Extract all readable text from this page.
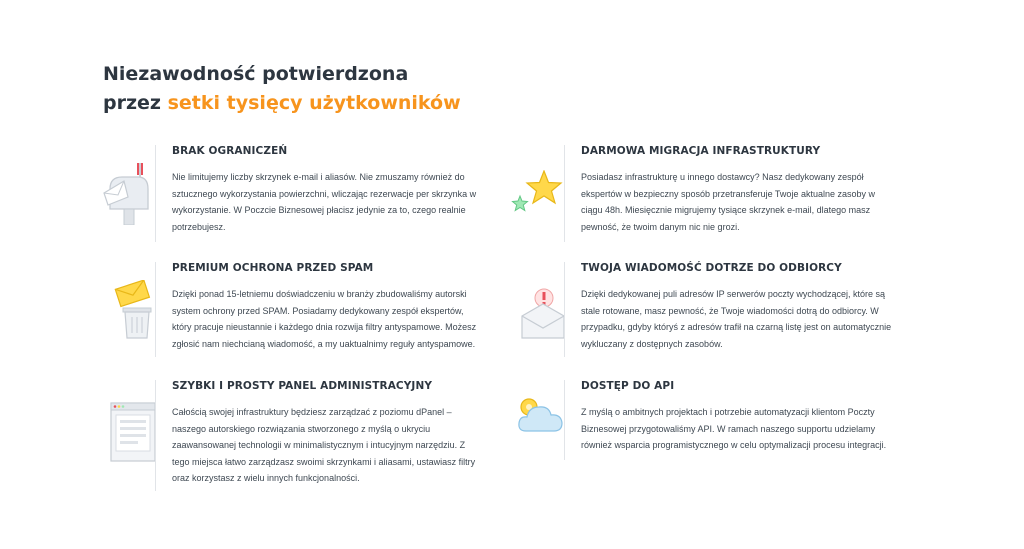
Niezawodność potwierdzona
przez setki tysięcy użytkowników
BRAK OGRANICZEŃ

Nie limitujemy liczby skrzynek e-mail i aliasów. Nie zmuszamy również do sztucznego wykorzystania powierzchni, wliczając rezerwacje per skrzynka w wykorzystanie. W Poczcie Biznesowej płacisz jedynie za to, czego realnie potrzebujesz.

DARMOWA MIGRACJA INFRASTRUKTURY

Posiadasz infrastrukturę u innego dostawcy? Nasz dedykowany zespół ekspertów w bezpieczny sposób przetransferuje Twoje aktualne zasoby w ciągu 48h. Miesięcznie migrujemy tysiące skrzynek e-mail, dlatego masz pewność, że twoim danym nic nie grozi.

PREMIUM OCHRONA PRZED SPAM

Dzięki ponad 15-letniemu doświadczeniu w branży zbudowaliśmy autorski system ochrony przed SPAM. Posiadamy dedykowany zespół ekspertów, który pracuje nieustannie i każdego dnia rozwija filtry antyspamowe. Możesz zgłosić nam niechcianą wiadomość, a my uaktualnimy reguły antyspamowe.

TWOJA WIADOMOŚĆ DOTRZE DO ODBIORCY

Dzięki dedykowanej puli adresów IP serwerów poczty wychodzącej, które są stale rotowane, masz pewność, że Twoje wiadomości dotrą do odbiorcy. W przypadku, gdyby któryś z adresów trafił na czarną listę jest on automatycznie wykluczany z dostępnych zasobów.

SZYBKI I PROSTY PANEL ADMINISTRACYJNY

Całością swojej infrastruktury będziesz zarządzać z poziomu dPanel – naszego autorskiego rozwiązania stworzonego z myślą o ukryciu zaawansowanej technologii w minimalistycznym i intucyjnym narzędziu. Z tego miejsca łatwo zarządzasz swoimi skrzynkami i aliasami, ustawiasz filtry oraz korzystasz z wielu innych funkcjonalności.

DOSTĘP DO API

Z myślą o ambitnych projektach i potrzebie automatyzacji klientom Poczty Biznesowej przygotowaliśmy API. W ramach naszego supportu udzielamy również wsparcia programistycznego w celu optymalizacji procesu integracji.
